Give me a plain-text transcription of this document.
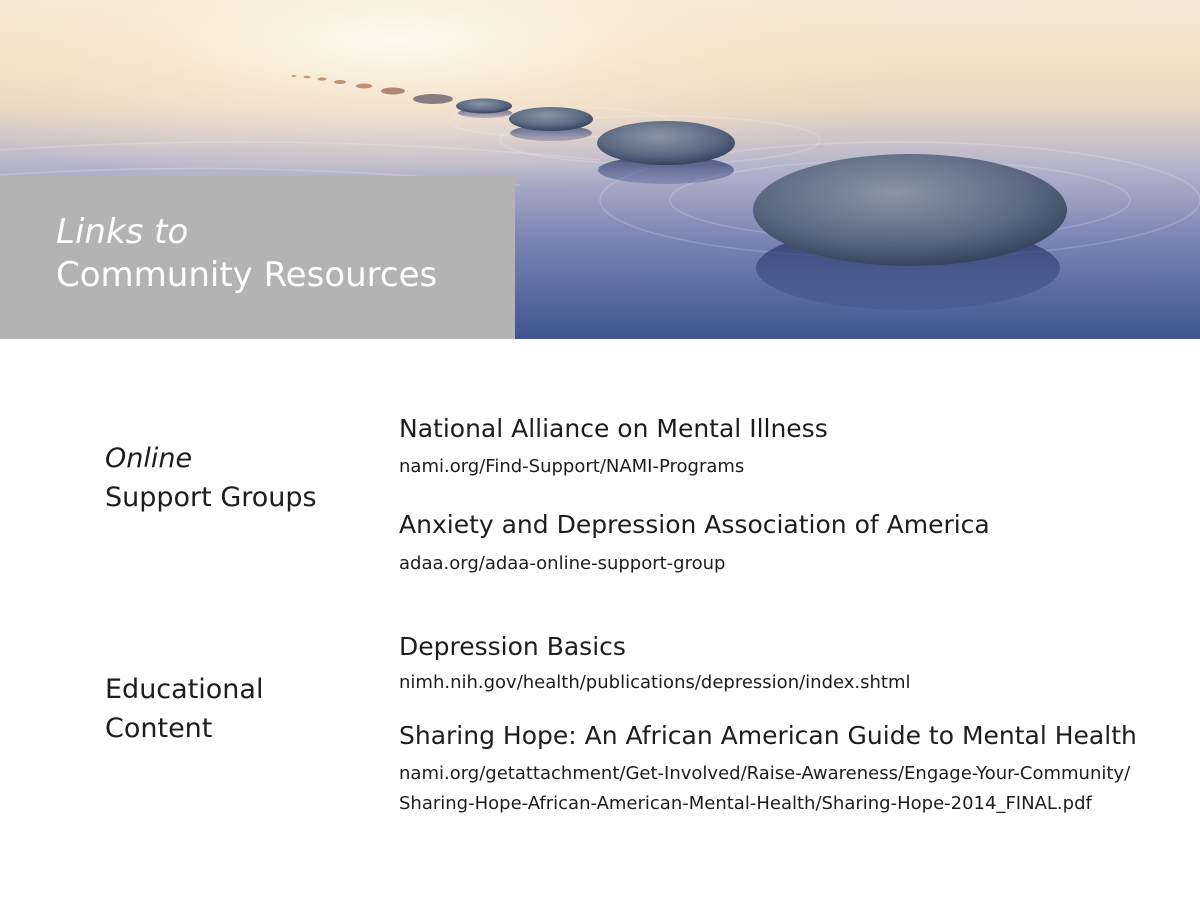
Links to
Community Resources
Online
Support Groups
National Alliance on Mental Illness
nami.org/Find-Support/NAMI-Programs
Anxiety and Depression Association of America
adaa.org/adaa-online-support-group
Educational
Content
Depression Basics
nimh.nih.gov/health/publications/depression/index.shtml
Sharing Hope: An African American Guide to Mental Health
nami.org/getattachment/Get-Involved/Raise-Awareness/Engage-Your-Community/
Sharing-Hope-African-American-Mental-Health/Sharing-Hope-2014_FINAL.pdf
